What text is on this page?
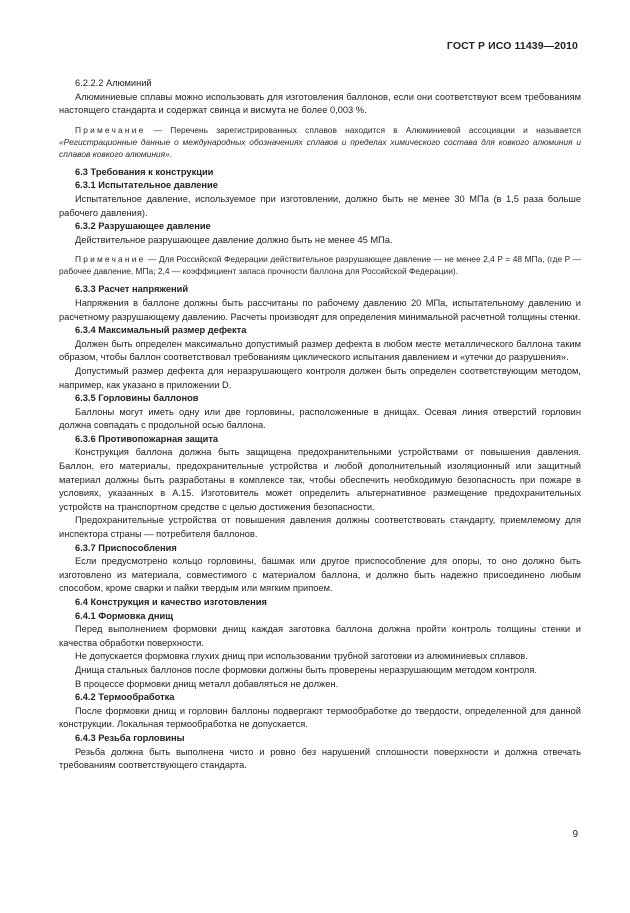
ГОСТ Р ИСО 11439—2010

6.2.2.2 Алюминий

Алюминиевые сплавы можно использовать для изготовления баллонов, если они соответствуют всем требованиям настоящего стандарта и содержат свинца и висмута не более 0,003 %.

Примечание — Перечень зарегистрированных сплавов находится в Алюминиевой ассоциации и называется «Регистрационные данные о международных обозначениях сплавов и пределах химического состава для ковкого алюминия и сплавов ковкого алюминия».

6.3 Требования к конструкции

6.3.1 Испытательное давление

Испытательное давление, используемое при изготовлении, должно быть не менее 30 МПа (в 1,5 раза больше рабочего давления).

6.3.2 Разрушающее давление

Действительное разрушающее давление должно быть не менее 45 МПа.

Примечание — Для Российской Федерации действительное разрушающее давление — не менее 2,4 P = 48 МПа, (где P — рабочее давление, МПа; 2,4 — коэффициент запаса прочности баллона для Российской Федерации).

6.3.3 Расчет напряжений

Напряжения в баллоне должны быть рассчитаны по рабочему давлению 20 МПа, испытательному давлению и расчетному разрушающему давлению. Расчеты производят для определения минимальной расчетной толщины стенки.

6.3.4 Максимальный размер дефекта

Должен быть определен максимально допустимый размер дефекта в любом месте металлического баллона таким образом, чтобы баллон соответствовал требованиям циклического испытания давлением и «утечки до разрушения».

Допустимый размер дефекта для неразрушающего контроля должен быть определен соответствующим методом, например, как указано в приложении D.

6.3.5 Горловины баллонов

Баллоны могут иметь одну или две горловины, расположенные в днищах. Осевая линия отверстий горловин должна совпадать с продольной осью баллона.

6.3.6 Противопожарная защита

Конструкция баллона должна быть защищена предохранительными устройствами от повышения давления. Баллон, его материалы, предохранительные устройства и любой дополнительный изоляционный или защитный материал должны быть разработаны в комплексе так, чтобы обеспечить необходимую безопасность при пожаре в условиях, указанных в А.15. Изготовитель может определить альтернативное размещение предохранительных устройств на транспортном средстве с целью достижения безопасности.

Предохранительные устройства от повышения давления должны соответствовать стандарту, приемлемому для инспектора страны — потребителя баллонов.

6.3.7 Приспособления

Если предусмотрено кольцо горловины, башмак или другое приспособление для опоры, то оно должно быть изготовлено из материала, совместимого с материалом баллона, и должно быть надежно присоединено любым способом, кроме сварки и пайки твердым или мягким припоем.

6.4 Конструкция и качество изготовления

6.4.1 Формовка днищ

Перед выполнением формовки днищ каждая заготовка баллона должна пройти контроль толщины стенки и качества обработки поверхности.

Не допускается формовка глухих днищ при использовании трубной заготовки из алюминиевых сплавов.

Днища стальных баллонов после формовки должны быть проверены неразрушающим методом контроля.

В процессе формовки днищ металл добавляться не должен.

6.4.2 Термообработка

После формовки днищ и горловин баллоны подвергают термообработке до твердости, определенной для данной конструкции. Локальная термообработка не допускается.

6.4.3 Резьба горловины

Резьба должна быть выполнена чисто и ровно без нарушений сплошности поверхности и должна отвечать требованиям соответствующего стандарта.

9
